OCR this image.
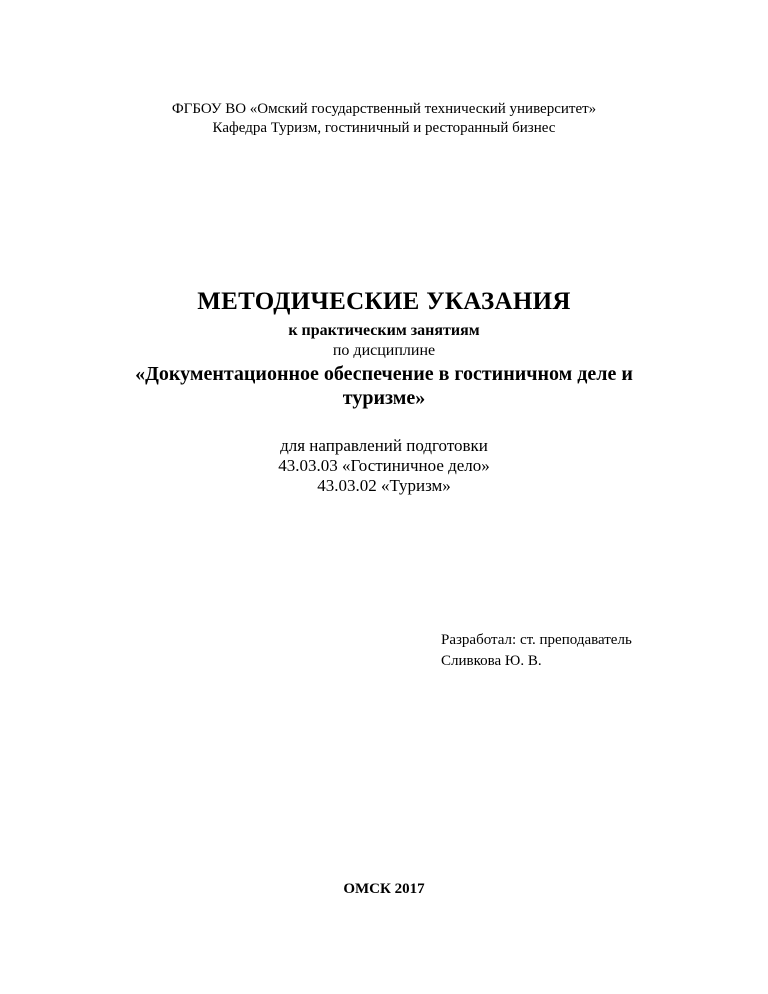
ФГБОУ ВО «Омский государственный технический университет»
Кафедра Туризм, гостиничный и ресторанный бизнес
МЕТОДИЧЕСКИЕ УКАЗАНИЯ
к практическим занятиям
по дисциплине
«Документационное обеспечение в гостиничном деле и
туризме»
для направлений подготовки
43.03.03 «Гостиничное дело»
43.03.02 «Туризм»
Разработал: ст. преподаватель
Сливкова Ю. В.
ОМСК 2017
